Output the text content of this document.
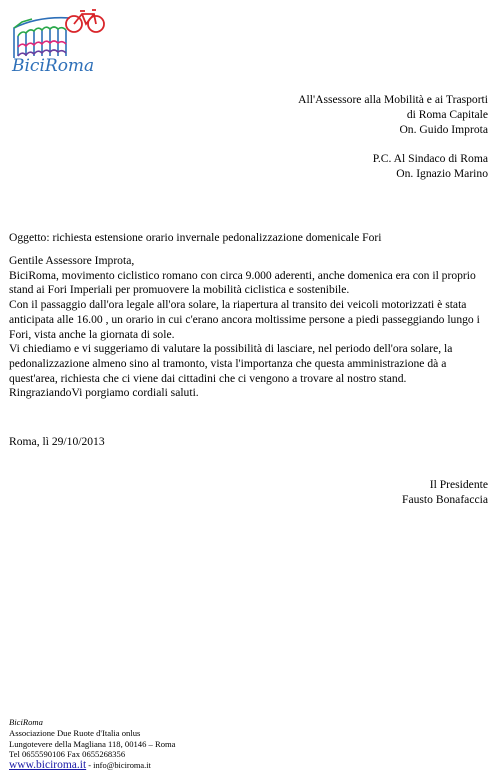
BiciRoma
All'Assessore alla Mobilità e ai Trasporti
di Roma Capitale
On. Guido Improta
P.C. Al Sindaco di Roma
On. Ignazio Marino
Oggetto: richiesta estensione orario invernale pedonalizzazione domenicale Fori

Gentile Assessore Improta,

BiciRoma, movimento ciclistico romano con circa 9.000 aderenti, anche domenica era con il proprio stand ai Fori Imperiali per promuovere la mobilità ciclistica e sostenibile.

Con il passaggio dall'ora legale all'ora solare, la riapertura al transito dei veicoli motorizzati è stata anticipata alle 16.00 , un orario in cui c'erano ancora moltissime persone a piedi passeggiando lungo i Fori, vista anche la giornata di sole.

Vi chiediamo e vi suggeriamo di valutare la possibilità di lasciare, nel periodo dell'ora solare, la pedonalizzazione almeno sino al tramonto, vista l'importanza che questa amministrazione dà a quest'area, richiesta che ci viene dai cittadini che ci vengono a trovare al nostro stand.

RingraziandoVi porgiamo cordiali saluti.

Roma, lì 29/10/2013
Il Presidente
Fausto Bonafaccia
BiciRoma
Associazione Due Ruote d'Italia onlus
Lungotevere della Magliana 118, 00146 – Roma
Tel 0655590106 Fax 0655268356
www.biciroma.it - info@biciroma.it
